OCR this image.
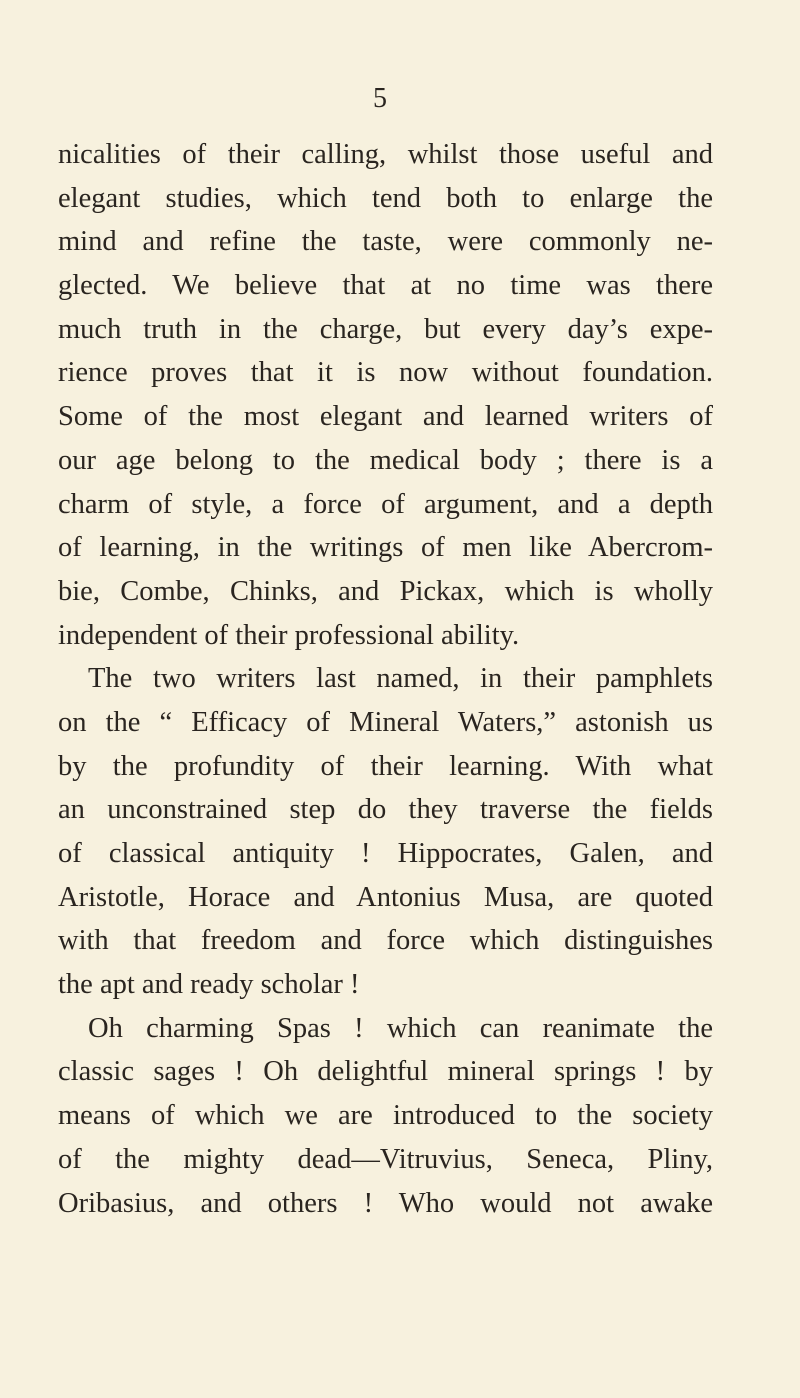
5
nicalities of their calling, whilst those useful and
elegant studies, which tend both to enlarge the
mind and refine the taste, were commonly ne-
glected. We believe that at no time was there
much truth in the charge, but every day’s expe-
rience proves that it is now without foundation.
Some of the most elegant and learned writers of
our age belong to the medical body ; there is a
charm of style, a force of argument, and a depth
of learning, in the writings of men like Abercrom-
bie, Combe, Chinks, and Pickax, which is wholly
independent of their professional ability.
The two writers last named, in their pamphlets
on the “ Efficacy of Mineral Waters,” astonish us
by the profundity of their learning. With what
an unconstrained step do they traverse the fields
of classical antiquity ! Hippocrates, Galen, and
Aristotle, Horace and Antonius Musa, are quoted
with that freedom and force which distinguishes
the apt and ready scholar !
Oh charming Spas ! which can reanimate the
classic sages ! Oh delightful mineral springs ! by
means of which we are introduced to the society
of the mighty dead—Vitruvius, Seneca, Pliny,
Oribasius, and others ! Who would not awake
